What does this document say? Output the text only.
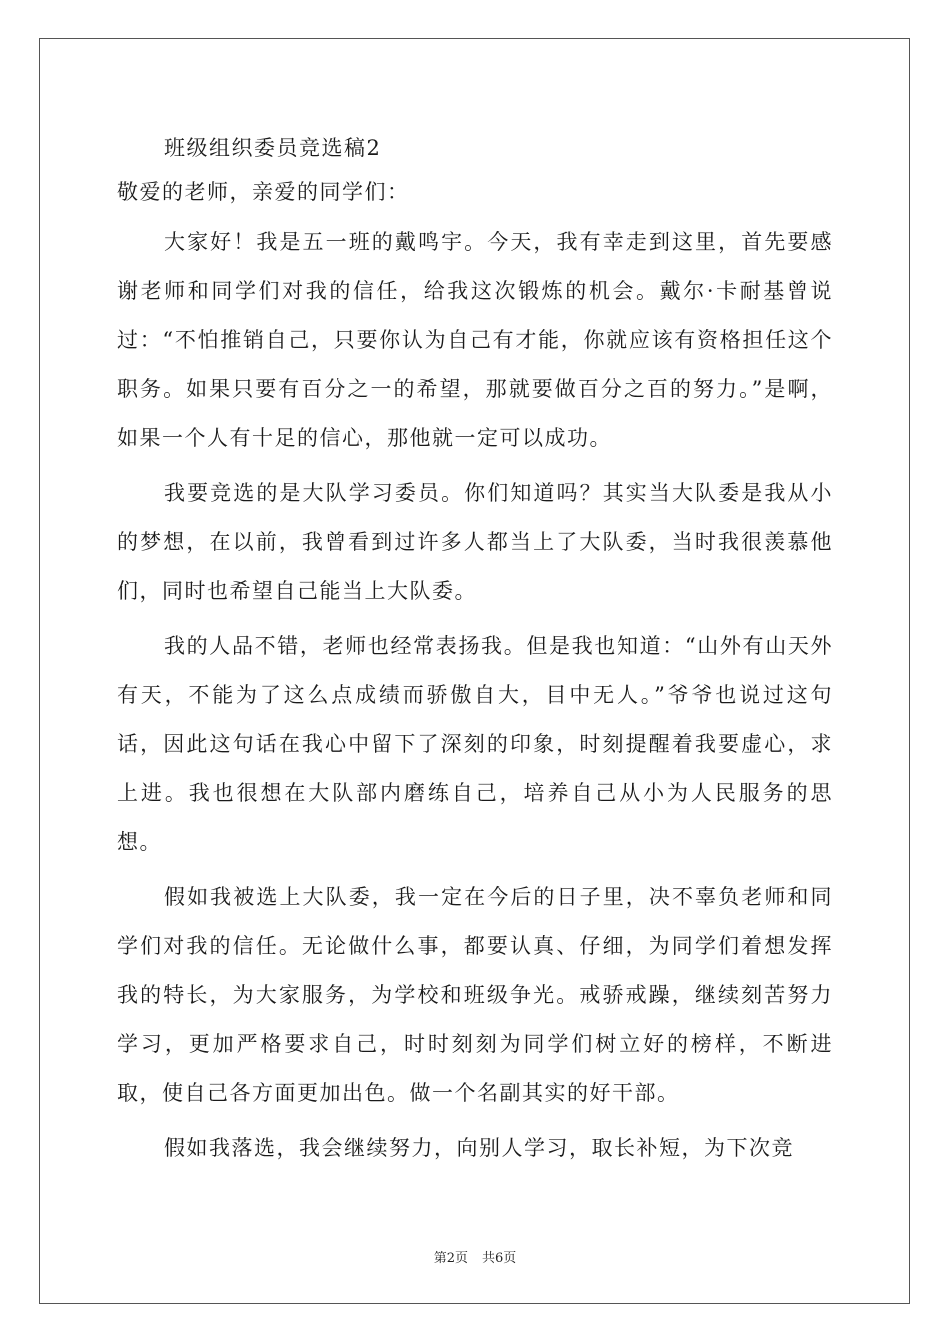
班级组织委员竞选稿2

敬爱的老师，亲爱的同学们：

大家好！我是五一班的戴鸣宇。今天，我有幸走到这里，首先要感谢老师和同学们对我的信任，给我这次锻炼的机会。戴尔·卡耐基曾说过：“不怕推销自己，只要你认为自己有才能，你就应该有资格担任这个职务。如果只要有百分之一的希望，那就要做百分之百的努力。”是啊，如果一个人有十足的信心，那他就一定可以成功。

我要竞选的是大队学习委员。你们知道吗？其实当大队委是我从小的梦想，在以前，我曾看到过许多人都当上了大队委，当时我很羡慕他们，同时也希望自己能当上大队委。

我的人品不错，老师也经常表扬我。但是我也知道：“山外有山天外有天，不能为了这么点成绩而骄傲自大，目中无人。”爷爷也说过这句话，因此这句话在我心中留下了深刻的印象，时刻提醒着我要虚心，求上进。我也很想在大队部内磨练自己，培养自己从小为人民服务的思想。

假如我被选上大队委，我一定在今后的日子里，决不辜负老师和同学们对我的信任。无论做什么事，都要认真、仔细，为同学们着想发挥我的特长，为大家服务，为学校和班级争光。戒骄戒躁，继续刻苦努力学习，更加严格要求自己，时时刻刻为同学们树立好的榜样，不断进取，使自己各方面更加出色。做一个名副其实的好干部。

假如我落选，我会继续努力，向别人学习，取长补短，为下次竞

第2页 共6页
